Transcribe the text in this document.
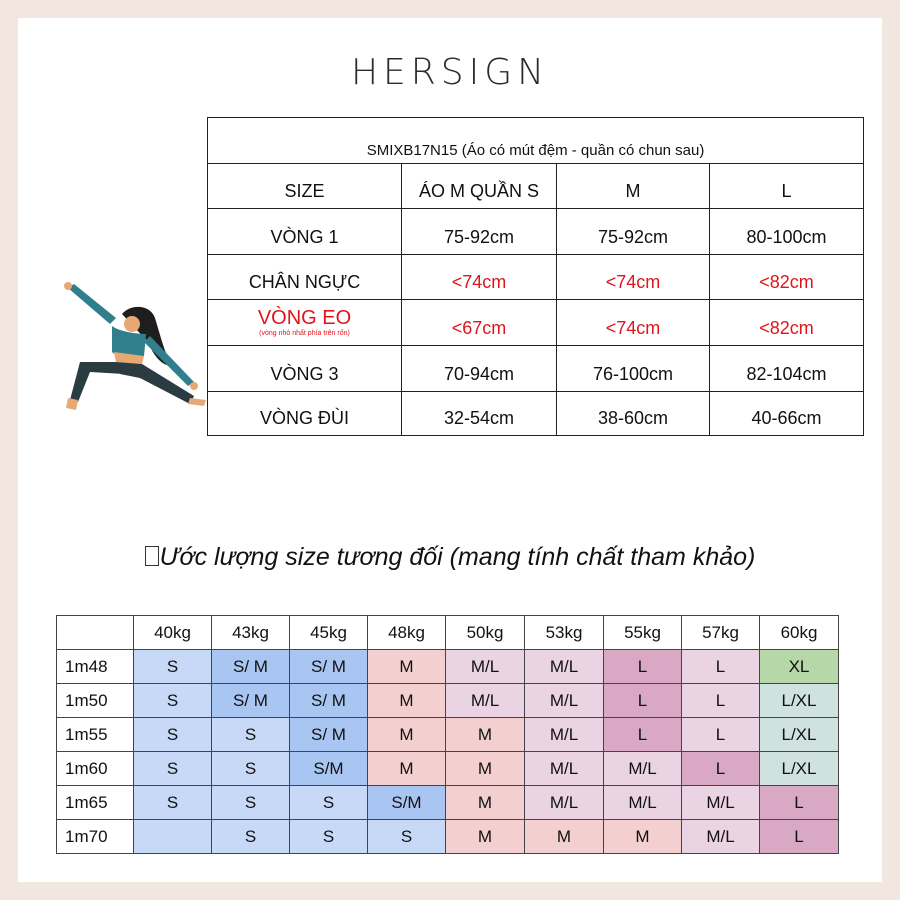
HERSIGN
SMIXB17N15 (Áo có mút đệm - quần có chun sau)			
SIZE	ÁO M QUẦN S	M	L
VÒNG 1	75-92cm	75-92cm	80-100cm
CHÂN NGỰC	<74cm	<74cm	<82cm

VÒNG EO
(vòng nhỏ nhất phía trên rốn)	<67cm	<74cm	<82cm
VÒNG 3	70-94cm	76-100cm	82-104cm
VÒNG ĐÙI	32-54cm	38-60cm	40-66cm
Ước lượng size tương đối (mang tính chất tham khảo)
	40kg	43kg	45kg	48kg	50kg	53kg	55kg	57kg	60kg
1m48	S	S/ M	S/ M	M	M/L	M/L	L	L	XL
1m50	S	S/ M	S/ M	M	M/L	M/L	L	L	L/XL
1m55	S	S	S/ M	M	M	M/L	L	L	L/XL
1m60	S	S	S/M	M	M	M/L	M/L	L	L/XL
1m65	S	S	S	S/M	M	M/L	M/L	M/L	L
1m70		S	S	S	M	M	M	M/L	L
